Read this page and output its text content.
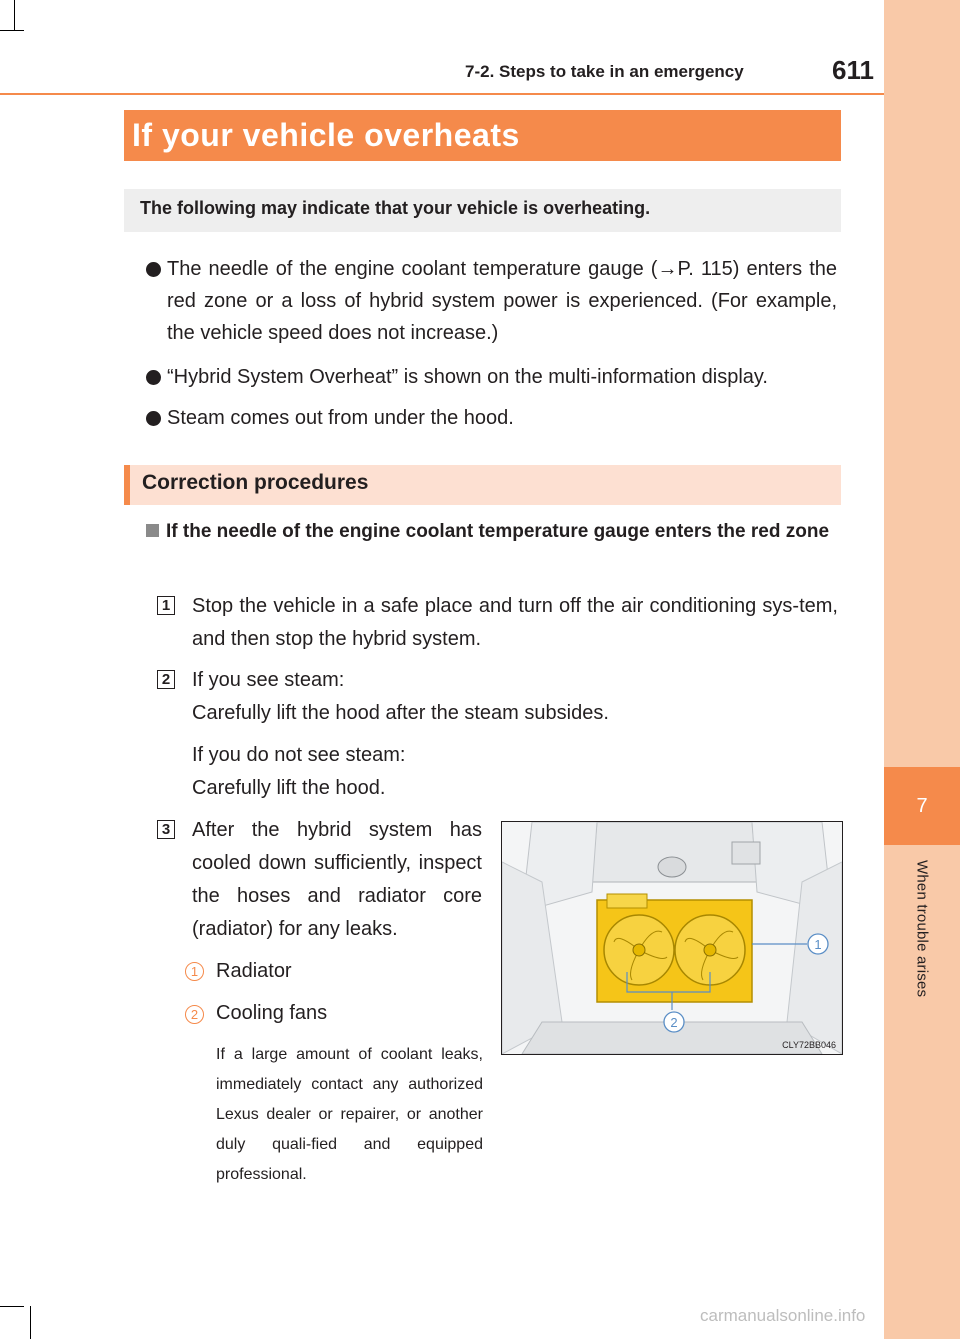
7
When trouble arises
7-2. Steps to take in an emergency	611
If your vehicle overheats
The following may indicate that your vehicle is overheating.
The needle of the engine coolant temperature gauge (→P. 115) enters the red zone or a loss of hybrid system power is experienced. (For example, the vehicle speed does not increase.)
“Hybrid System Overheat” is shown on the multi-information display.
Steam comes out from under the hood.
Correction procedures
If the needle of the engine coolant temperature gauge enters the red zone
1 Stop the vehicle in a safe place and turn off the air conditioning sys-tem, and then stop the hybrid system.
2 If you see steam:
Carefully lift the hood after the steam subsides.
If you do not see steam:
Carefully lift the hood.
3 After the hybrid system has cooled down sufficiently, inspect the hoses and radiator core (radiator) for any leaks.
1 Radiator
2 Cooling fans
If a large amount of coolant leaks, immediately contact any authorized Lexus dealer or repairer, or another duly quali-fied and equipped professional.
1
2
CLY72BB046
carmanualsonline.info
